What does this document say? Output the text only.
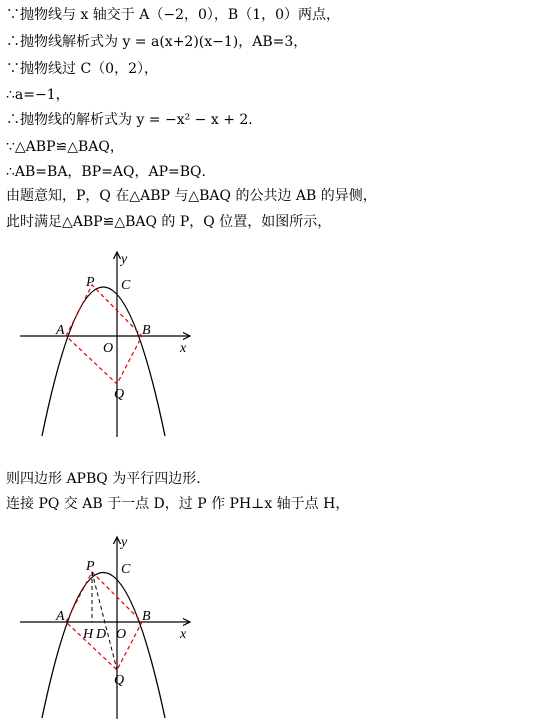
∵抛物线与 x 轴交于 A（−2，0），B（1，0）两点，
∴抛物线解析式为 y = a(x+2)(x−1)，AB=3，
∵抛物线过 C（0，2），
∴a=−1，
∴抛物线的解析式为 y = −x² − x + 2．
∵△ABP≌△BAQ，
∴AB=BA，BP=AQ，AP=BQ．
由题意知，P，Q 在△ABP 与△BAQ 的公共边 AB 的异侧，
此时满足△ABP≌△BAQ 的 P，Q 位置，如图所示，
y
x
P C
A	B
O
Q
则四边形 APBQ 为平行四边形．
连接 PQ 交 AB 于一点 D，过 P 作 PH⊥x 轴于点 H，
y
x
P C
A	B
H D O
Q
